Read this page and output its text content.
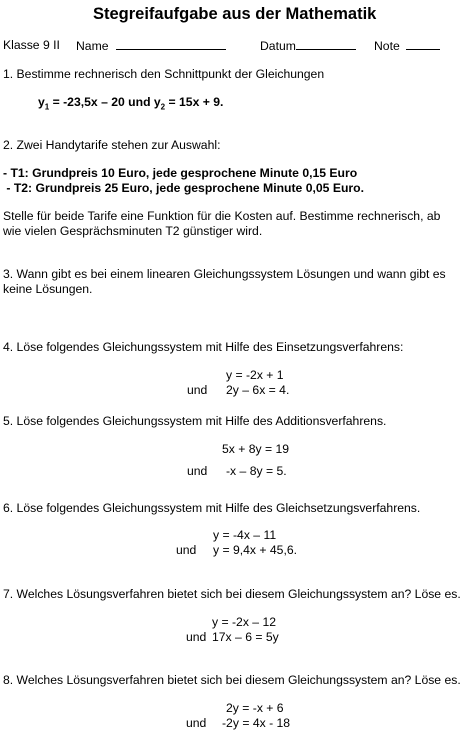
Stegreifaufgabe aus der Mathematik
Klasse 9 II Name	Datum	Note
1. Bestimme rechnerisch den Schnittpunkt der Gleichungen
$y_1 = -23,5x - 20$ und $y_2 = 15x + 9$.
2. Zwei Handytarife stehen zur Auswahl:
- T1: Grundpreis 10 Euro, jede gesprochene Minute 0,15 Euro
- T2: Grundpreis 25 Euro, jede gesprochene Minute 0,05 Euro.
Stelle für beide Tarife eine Funktion für die Kosten auf. Bestimme rechnerisch, ab
wie vielen Gesprächsminuten T2 günstiger wird.
3. Wann gibt es bei einem linearen Gleichungssystem Lösungen und wann gibt es
keine Lösungen.
4. Löse folgendes Gleichungssystem mit Hilfe des Einsetzungsverfahrens:
y = -2x + 1
und 2y – 6x = 4.
5. Löse folgendes Gleichungssystem mit Hilfe des Additionsverfahrens.
5x + 8y = 19
und -x – 8y = 5.
6. Löse folgendes Gleichungssystem mit Hilfe des Gleichsetzungsverfahrens.
y = -4x – 11
und y = 9,4x + 45,6.
7. Welches Lösungsverfahren bietet sich bei diesem Gleichungssystem an? Löse es.
y = -2x – 12
und 17x – 6 = 5y
8. Welches Lösungsverfahren bietet sich bei diesem Gleichungssystem an? Löse es.
2y = -x + 6
und -2y = 4x - 18
